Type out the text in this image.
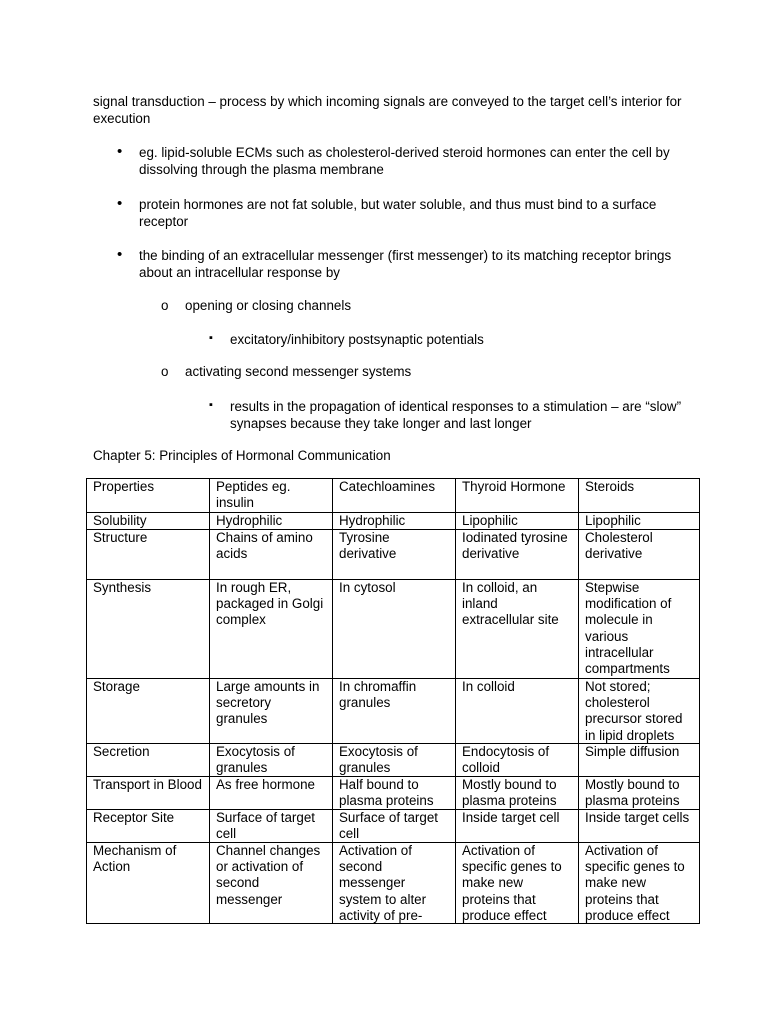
signal transduction – process by which incoming signals are conveyed to the target cell’s interior for execution
• eg. lipid-soluble ECMs such as cholesterol-derived steroid hormones can enter the cell by dissolving through the plasma membrane
• protein hormones are not fat soluble, but water soluble, and thus must bind to a surface receptor
• the binding of an extracellular messenger (first messenger) to its matching receptor brings about an intracellular response by
o opening or closing channels
▪ excitatory/inhibitory postsynaptic potentials
o activating second messenger systems
▪ results in the propagation of identical responses to a stimulation – are “slow” synapses because they take longer and last longer
Chapter 5: Principles of Hormonal Communication
Properties	Peptides eg. insulin	Catechloamines	Thyroid Hormone	Steroids

Solubility	Hydrophilic	Hydrophilic	Lipophilic	Lipophilic

Structure	Chains of amino acids	Tyrosine derivative	Iodinated tyrosine derivative	Cholesterol derivative

Synthesis	In rough ER, packaged in Golgi complex	In cytosol	In colloid, an inland extracellular site	Stepwise modification of molecule in various intracellular compartments

Storage	Large amounts in secretory granules	In chromaffin granules	In colloid	Not stored; cholesterol precursor stored in lipid droplets

Secretion	Exocytosis of granules	Exocytosis of granules	Endocytosis of colloid	Simple diffusion

Transport in Blood	As free hormone	Half bound to plasma proteins	Mostly bound to plasma proteins	Mostly bound to plasma proteins

Receptor Site	Surface of target cell	Surface of target cell	Inside target cell	Inside target cells

Mechanism of Action	Channel changes or activation of second messenger	Activation of second messenger system to alter activity of pre-	Activation of specific genes to make new proteins that produce effect	Activation of specific genes to make new proteins that produce effect
